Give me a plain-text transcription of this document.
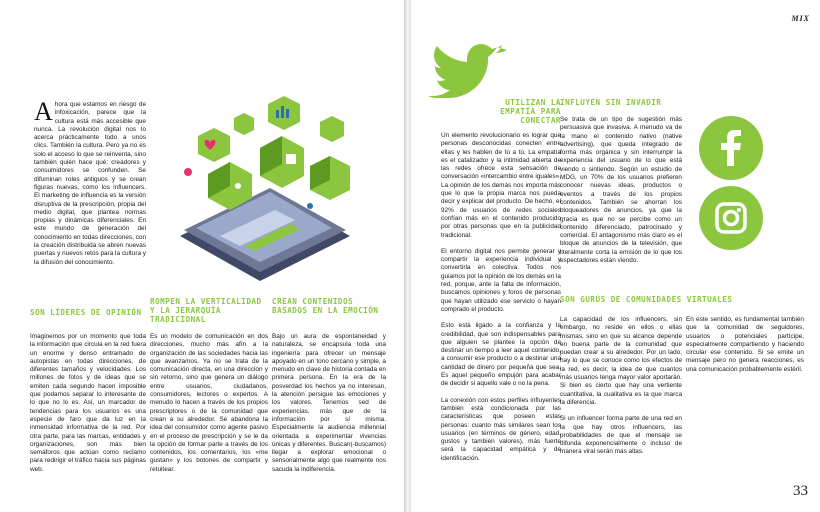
Ahora que estamos en riesgo de infoxicación, parece que la cultura está más accesible que nunca. La revolución digital nos lo acerca prácticamente todo a unos clics. También la cultura. Pero ya no es solo el acceso lo que se reinventa, sino también quién hace qué: creadores y consumidores se confunden. Se difuminan roles antiguos y se crean figuras nuevas, como los influencers. El marketing de influencia es la versión disruptiva de la prescripción, propia del medio digital, que plantea normas propias y dinámicas diferenciales. En este mundo de generación del conocimiento en todas direcciones, con la creación distribuida se abren nuevas puertas y nuevos retos para la cultura y la difusión del conocimiento.
SON LÍDERES DE OPINIÓN
Imaginemos por un momento que toda la información que circula en la red fuera un enorme y denso entramado de autopistas en todas direcciones, de diferentes tamaños y velocidades. Los millones de fotos y de ideas que se emiten cada segundo hacen imposible que podamos separar lo interesante de lo que no lo es. Así, un marcador de tendencias para los usuarios es una especie de faro que da luz en la inmensidad informativa de la red. Por otra parte, para las marcas, entidades y organizaciones, son más bien semáforos que actúan como reclamo para redirigir el tráfico hacia sus páginas web.
ROMPEN LA VERTICALIDAD Y LA JERARQUÍA TRADICIONAL
Es un modelo de comunicación en dos direcciones, mucho más afín a la organización de las sociedades hacia las que avanzamos. Ya no se trata de la comunicación directa, en una dirección y sin retorno, sino que genera un diálogo entre usuarios, ciudadanos, consumidores, lectores o expertos. A menudo lo hacen a través de los propios prescriptores o de la comunidad que crean a su alrededor. Se abandona la idea del consumidor como agente pasivo en el proceso de prescripción y se le da la opción de formar parte a través de los contenidos, los comentarios, los «me gustan» y los botones de compartir y retuitear.
CREAN CONTENIDOS BASADOS EN LA EMOCIÓN
Bajo un aura de espontaneidad y naturaleza, se encapsula toda una ingeniería para ofrecer un mensaje apoyado en un tono cercano y simple, a menudo en clave de historia contada en primera persona. En la era de la posverdad los hechos ya no interesan, la atención persigue las emociones y los valores. Tenemos sed de experiencias, más que de la información por sí misma. Especialmente la audiencia millennial orientada a experimentar vivencias únicas y diferentes. Buscan(-buscamos) llegar a explorar emocional o sensorialmente algo que realmente nos sacuda la indiferencia.
MIX
UTILIZAN LA EMPATÍA PARA CONECTAR

Un elemento revolucionario es lograr que personas desconocidas conecten entre ellas y les hablen de tú a tú. La empatía es el catalizador y la intimidad abierta de las redes ofrece esta sensación de conversación «intercambio entre iguales». La opinión de los demás nos importa más que lo que la propia marca nos pueda decir y explicar del producto. De hecho, el 92% de usuarios de redes sociales confían más en el contenido producido por otras personas que en la publicidad tradicional.

El entorno digital nos permite generar y compartir la experiencia individual y convertirla en colectiva. Todos nos guiamos por la opinión de los demás en la red, porque, ante la falta de información, buscamos opiniones y foros de personas que hayan utilizado ese servicio o hayan comprado el producto.

Esto está ligado a la confianza y la credibilidad, que son indispensables para que alguien se plantee la opción de destinar un tiempo a leer aquel contenido, a consumir ese producto o a destinar una cantidad de dinero por pequeña que sea. Es aquel pequeño empujón para acabar de decidir si aquello vale o no la pena.

La conexión con estos perfiles influyentes también está condicionada por las características que poseen estas personas: cuanto más similares sean los usuarios (en términos de género, edad, gustos y también valores), más fuerte será la capacidad empática y de identificación.

INFLUYEN SIN INVADIR
Se trata de un tipo de sugestión más persuasiva que invasiva. A menudo va de la mano el contenido nativo (native advertising), que queda integrado de forma más orgánica y sin interrumpir la experiencia del usuario de lo que está viendo o sintiendo. Según un estudio de MDG, un 70% de los usuarios prefieren conocer nuevas ideas, productos o eventos a través de los propios contenidos. También se ahorran los bloqueadores de anuncios, ya que la gracia es que no se percibe como un contenido diferenciado, patrocinado y comercial. El antagonismo más claro es el bloque de anuncios de la televisión, que literalmente corta la emisión de lo que los espectadores están viendo.
SON GURÚS DE COMUNIDADES VIRTUALES

La capacidad de los influencers, sin embargo, no reside en ellos o ellas mismas, sino en que su alcance depende en buena parte de la comunidad que puedan crear a su alrededor. Por un lado, hay lo que se conoce como los efectos de la red, es decir, la idea de que cuantos más usuarios tenga mayor valor aportarán. Si bien es cierto que hay una vertiente cuantitativa, la cualitativa es la que marca la diferencia.

Si un influencer forma parte de una red en la que hay otros influencers, las probabilidades de que el mensaje se difunda exponencialmente o incluso de manera viral serán más altas.

En este sentido, es fundamental también que la comunidad de seguidores, usuarios o potenciales partícipe, especialmente compartiendo y haciendo circular ese contenido. Si se emite un mensaje pero no genera reacciones, es una comunicación probablemente estéril.
33
